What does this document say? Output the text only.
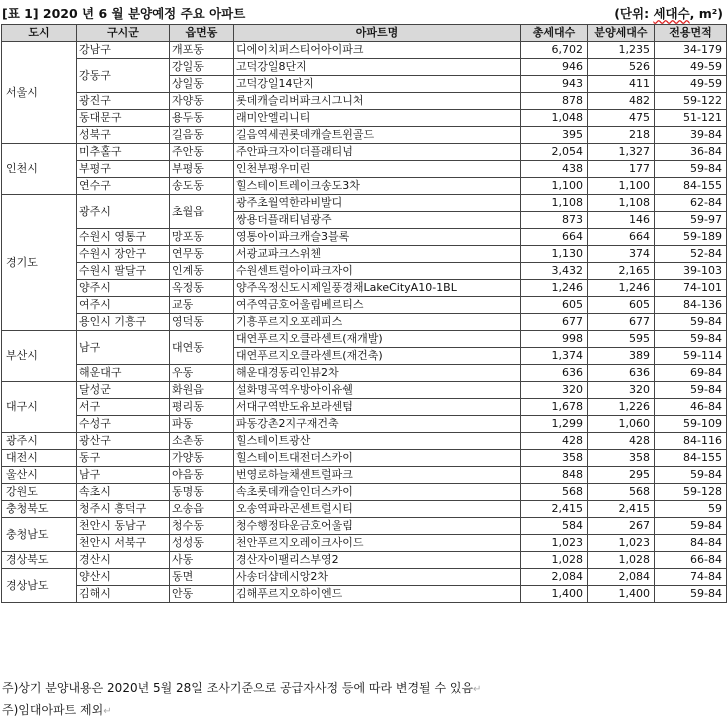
[표 1] 2020 년 6 월 분양예정 주요 아파트	(단위: 세대수, m²)
도시	구시군	읍면동	아파트명	총세대수	분양세대수	전용면적
서울시	강남구	개포동	디에이치퍼스티어아이파크	6,702	1,235	34-179
	강동구	강일동	고덕강일8단지	946	526	49-59
		상일동	고덕강일14단지	943	411	49-59
	광진구	자양동	롯데캐슬리버파크시그니처	878	482	59-122
	동대문구	용두동	래미안엘리니티	1,048	475	51-121
	성북구	길음동	길음역세권롯데캐슬트윈골드	395	218	39-84
인천시	미추홀구	주안동	주안파크자이더플래티넘	2,054	1,327	36-84
	부평구	부평동	인천부평우미린	438	177	59-84
	연수구	송도동	힐스테이트레이크송도3차	1,100	1,100	84-155
경기도	광주시	초월읍	광주초월역한라비발디	1,108	1,108	62-84
			쌍용더플래티넘광주	873	146	59-97
	수원시 영통구	망포동	영통아이파크캐슬3블록	664	664	59-189
	수원시 장안구	연무동	서광교파크스위첸	1,130	374	52-84
	수원시 팔달구	인계동	수원센트럴아이파크자이	3,432	2,165	39-103
	양주시	옥정동	양주옥정신도시제일풍경채LakeCityA10-1BL	1,246	1,246	74-101
	여주시	교동	여주역금호어울림베르티스	605	605	84-136
	용인시 기흥구	영덕동	기흥푸르지오포레피스	677	677	59-84
부산시	남구	대연동	대연푸르지오클라센트(재개발)	998	595	59-84
			대연푸르지오클라센트(재건축)	1,374	389	59-114
	해운대구	우동	해운대경동리인뷰2차	636	636	69-84
대구시	달성군	화원읍	설화명곡역우방아이유쉘	320	320	59-84
	서구	평리동	서대구역반도유보라센텀	1,678	1,226	46-84
	수성구	파동	파동강촌2지구재건축	1,299	1,060	59-109
광주시	광산구	소촌동	힐스테이트광산	428	428	84-116
대전시	동구	가양동	힐스테이트대전더스카이	358	358	84-155
울산시	남구	야음동	번영로하늘채센트럴파크	848	295	59-84
강원도	속초시	동명동	속초롯데캐슬인더스카이	568	568	59-128
충청북도	청주시 흥덕구	오송읍	오송역파라곤센트럴시티	2,415	2,415	59
충청남도	천안시 동남구	청수동	청수행정타운금호어울림	584	267	59-84
	천안시 서북구	성성동	천안푸르지오레이크사이드	1,023	1,023	84-84
경상북도	경산시	사동	경산자이팰리스부영2	1,028	1,028	66-84
경상남도	양산시	동면	사송더샵데시앙2차	2,084	2,084	74-84
	김해시	안동	김해푸르지오하이엔드	1,400	1,400	59-84
주)상기 분양내용은 2020년 5월 28일 조사기준으로 공급자사정 등에 따라 변경될 수 있음↵
주)임대아파트 제외↵
